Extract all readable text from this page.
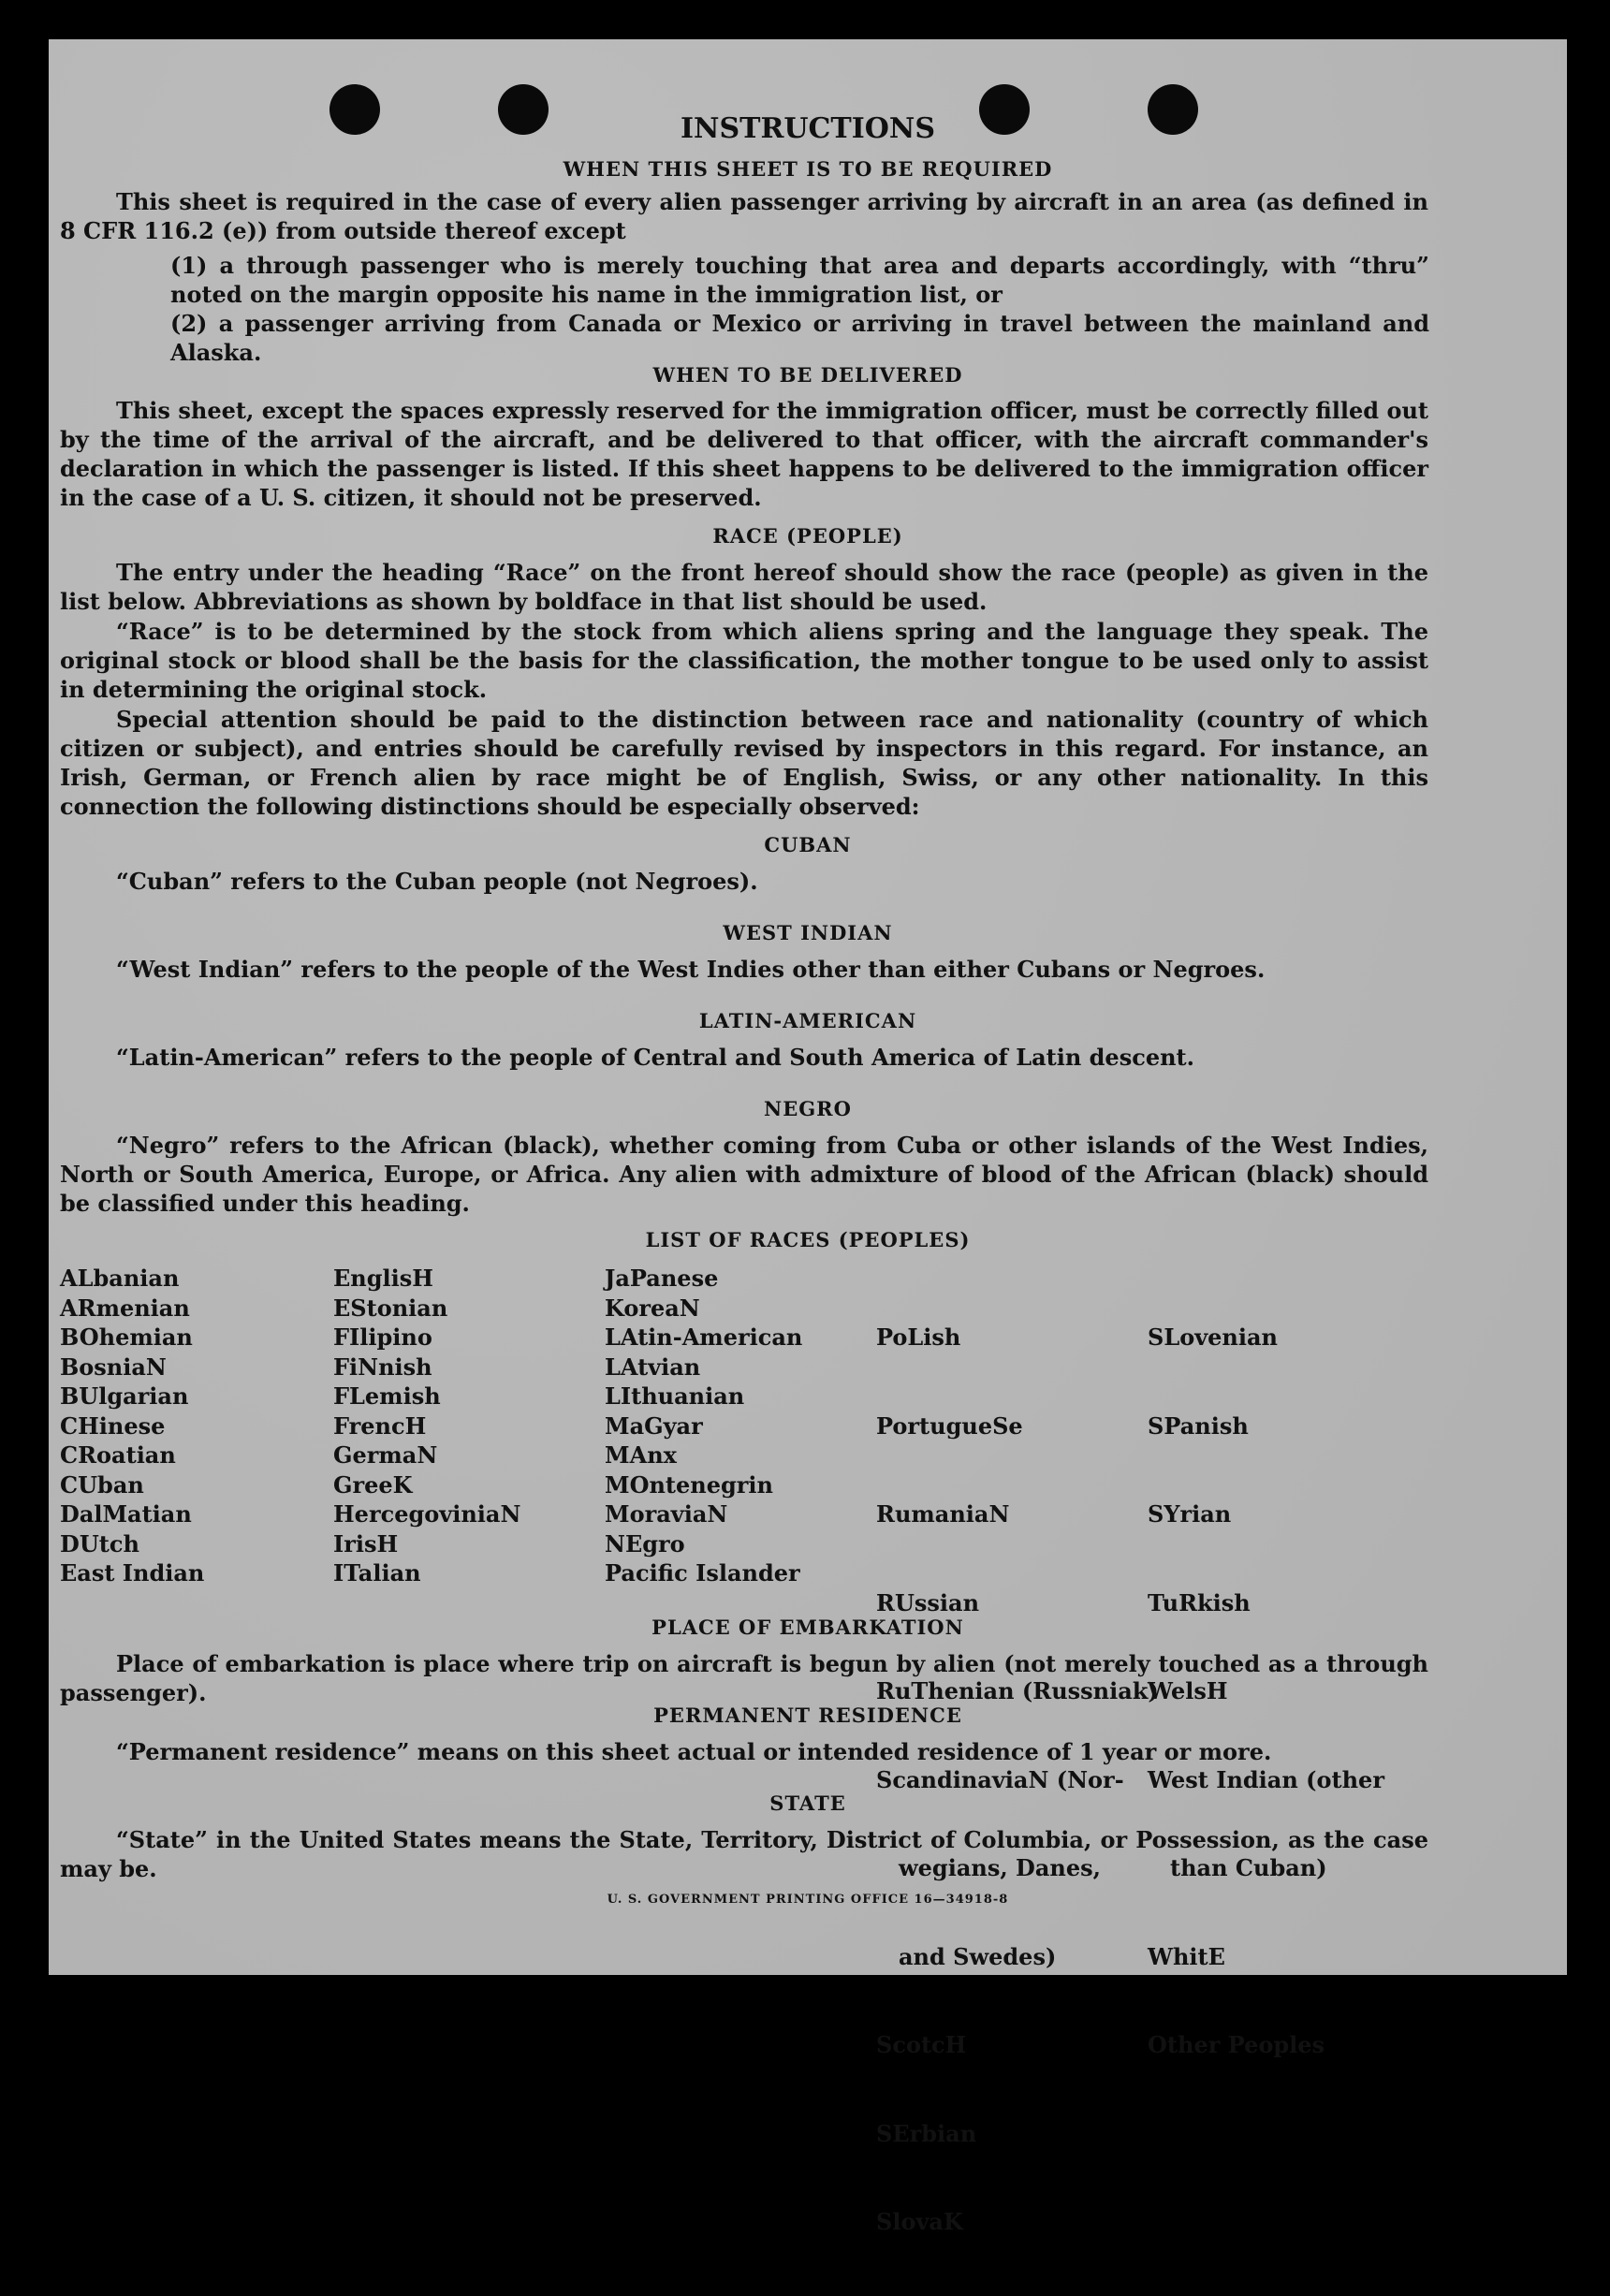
INSTRUCTIONS
WHEN THIS SHEET IS TO BE REQUIRED
This sheet is required in the case of every alien passenger arriving by aircraft in an area (as defined in 8 CFR 116.2 (e)) from outside thereof except
(1) a through passenger who is merely touching that area and departs accordingly, with “thru” noted on the margin opposite his name in the immigration list, or
(2) a passenger arriving from Canada or Mexico or arriving in travel between the mainland and Alaska.
WHEN TO BE DELIVERED
This sheet, except the spaces expressly reserved for the immigration officer, must be correctly filled out by the time of the arrival of the aircraft, and be delivered to that officer, with the aircraft commander's declaration in which the passenger is listed. If this sheet happens to be delivered to the immigration officer in the case of a U. S. citizen, it should not be preserved.
RACE (PEOPLE)
The entry under the heading “Race” on the front hereof should show the race (people) as given in the list below. Abbreviations as shown by boldface in that list should be used.
“Race” is to be determined by the stock from which aliens spring and the language they speak. The original stock or blood shall be the basis for the classification, the mother tongue to be used only to assist in determining the original stock.
Special attention should be paid to the distinction between race and nationality (country of which citizen or subject), and entries should be carefully revised by inspectors in this regard. For instance, an Irish, German, or French alien by race might be of English, Swiss, or any other nationality. In this connection the following distinctions should be especially observed:
CUBAN
“Cuban” refers to the Cuban people (not Negroes).
WEST INDIAN
“West Indian” refers to the people of the West Indies other than either Cubans or Negroes.
LATIN-AMERICAN
“Latin-American” refers to the people of Central and South America of Latin descent.
NEGRO
“Negro” refers to the African (black), whether coming from Cuba or other islands of the West Indies, North or South America, Europe, or Africa. Any alien with admixture of blood of the African (black) should be classified under this heading.
LIST OF RACES (PEOPLES)
ALbanian
ARmenian
BOhemian
BosniaN
BUlgarian
CHinese
CRoatian
CUban
DalMatian
DUtch
East Indian
EnglisH
EStonian
FIlipino
FiNnish
FLemish
FrencH
GermaN
GreeK
HercegoviniaN
IrisH
ITalian
JaPanese
KoreaN
LAtin-American
LAtvian
LIthuanian
MaGyar
MAnx
MOntenegrin
MoraviaN
NEgro
Pacific Islander

PoLish

PortugueSe

RumaniaN

RUssian

RuThenian (Russniak)

ScandinaviaN (Nor-

wegians, Danes,

and Swedes)

ScotcH

SErbian

SlovaK

SLovenian

SPanish

SYrian

TuRkish

WelsH

West Indian (other

than Cuban)

WhitE

Other Peoples

PLACE OF EMBARKATION
Place of embarkation is place where trip on aircraft is begun by alien (not merely touched as a through passenger).
PERMANENT RESIDENCE
“Permanent residence” means on this sheet actual or intended residence of 1 year or more.
STATE
“State” in the United States means the State, Territory, District of Columbia, or Possession, as the case may be.
U. S. GOVERNMENT PRINTING OFFICE 16—34918-8
